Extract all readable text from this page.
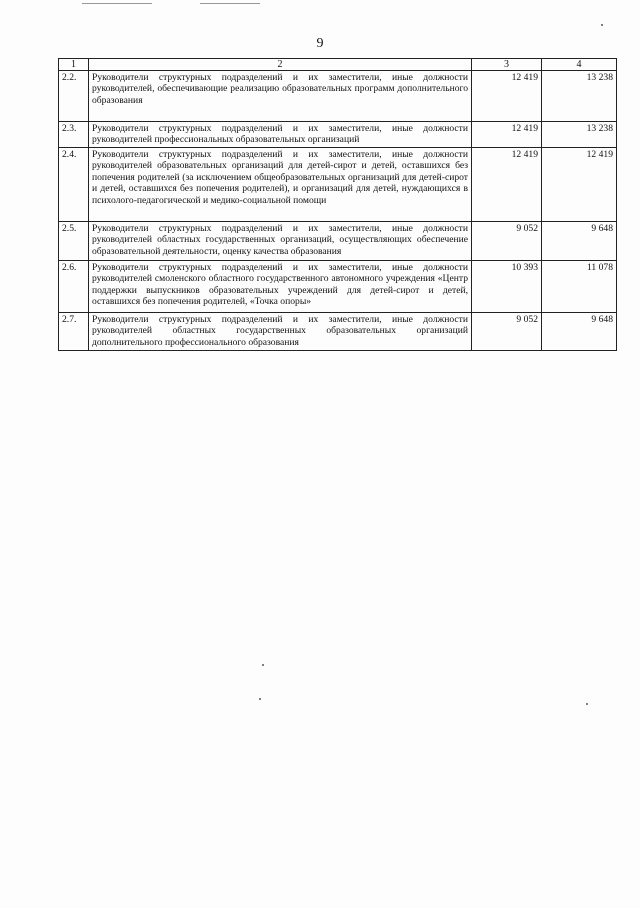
9
1	2	3	4
2.2.	Руководители структурных подразделений и их заместители, иные должности руководителей, обеспечивающие реализацию образовательных программ дополнительного образования	12 419	13 238
2.3.	Руководители структурных подразделений и их заместители, иные должности руководителей профессиональных образовательных организаций	12 419	13 238
2.4.	Руководители структурных подразделений и их заместители, иные должности руководителей образовательных организаций для детей-сирот и детей, оставшихся без попечения родителей (за исключением общеобразовательных организаций для детей-сирот и детей, оставшихся без попечения родителей), и организаций для детей, нуждающихся в психолого-педагогической и медико-социальной помощи	12 419	12 419
2.5.	Руководители структурных подразделений и их заместители, иные должности руководителей областных государственных организаций, осуществляющих обеспечение образовательной деятельности, оценку качества образования	9 052	9 648
2.6.	Руководители структурных подразделений и их заместители, иные должности руководителей смоленского областного государственного автономного учреждения «Центр поддержки выпускников образовательных учреждений для детей-сирот и детей, оставшихся без попечения родителей, «Точка опоры»	10 393	11 078
2.7.	Руководители структурных подразделений и их заместители, иные должности руководителей областных государственных образовательных организаций дополнительного профессионального образования	9 052	9 648
